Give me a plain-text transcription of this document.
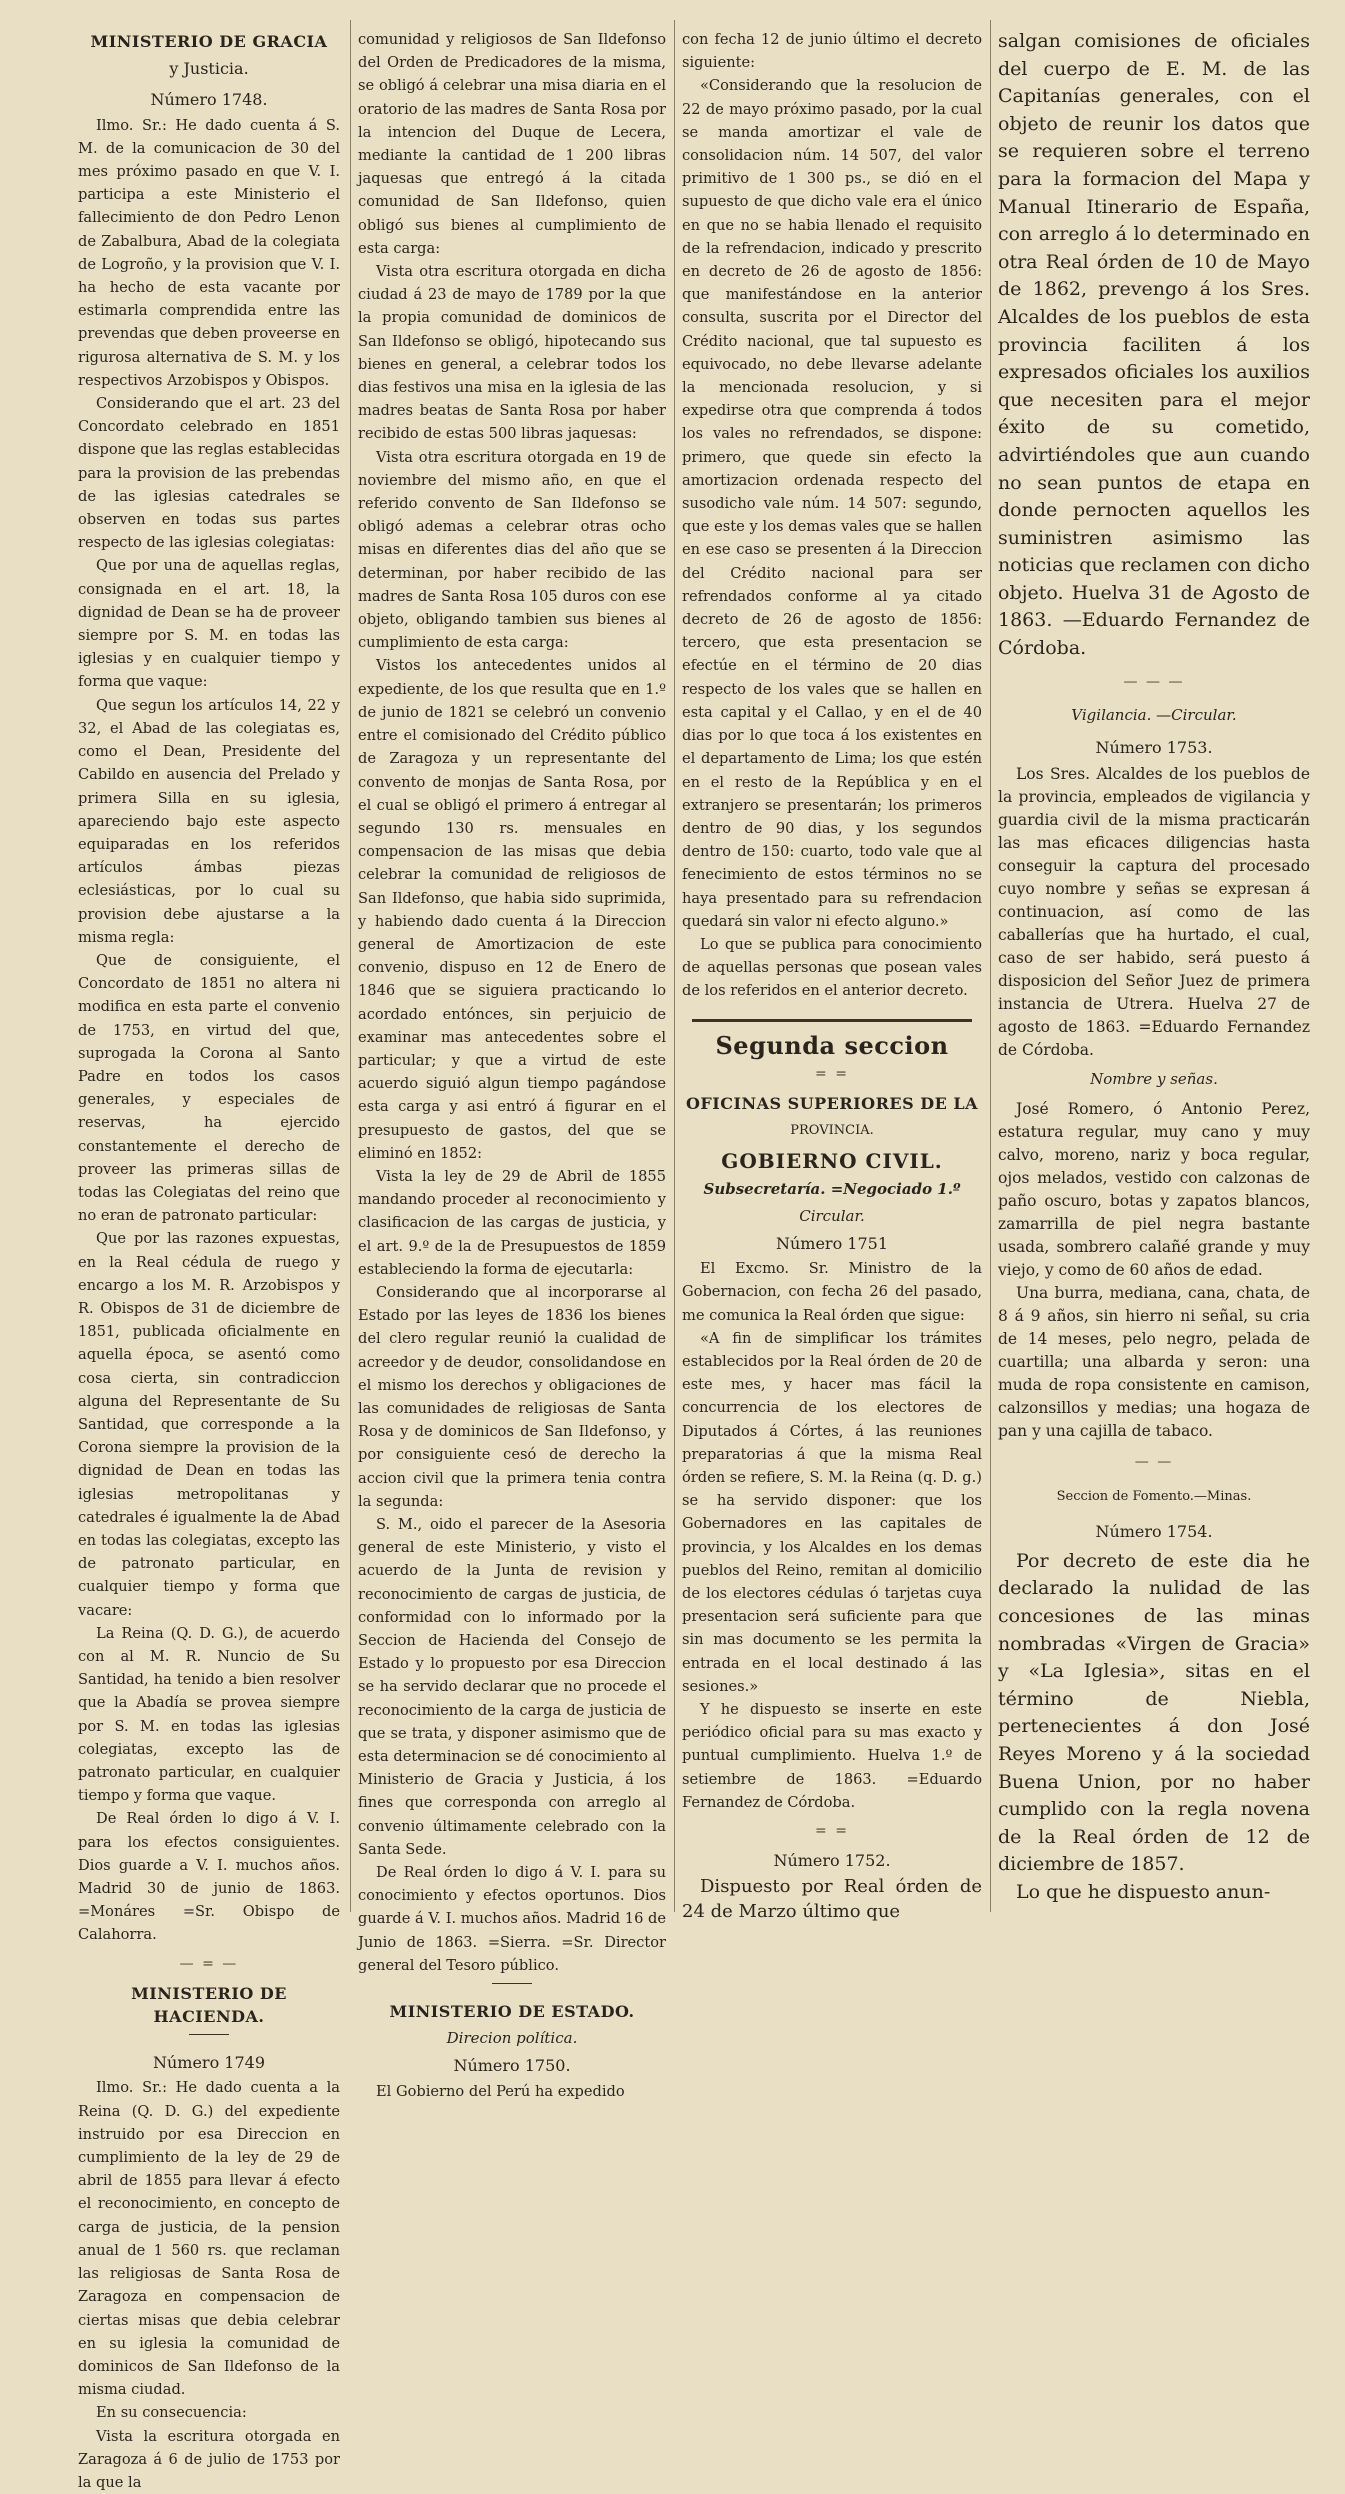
MINISTERIO DE GRACIA
y Justicia.
Número 1748.

Ilmo. Sr.: He dado cuenta á S. M. de la comunicacion de 30 del mes próximo pasado en que V. I. participa a este Ministerio el fallecimiento de don Pedro Lenon de Zabalbura, Abad de la colegiata de Logroño, y la provision que V. I. ha hecho de esta vacante por estimarla comprendida entre las prevendas que deben proveerse en rigurosa alternativa de S. M. y los respectivos Arzobispos y Obispos.

Considerando que el art. 23 del Concordato celebrado en 1851 dispone que las reglas establecidas para la provision de las prebendas de las iglesias catedrales se observen en todas sus partes respecto de las iglesias colegiatas:

Que por una de aquellas reglas, consignada en el art. 18, la dignidad de Dean se ha de proveer siempre por S. M. en todas las iglesias y en cualquier tiempo y forma que vaque:

Que segun los artículos 14, 22 y 32, el Abad de las colegiatas es, como el Dean, Presidente del Cabildo en ausencia del Prelado y primera Silla en su iglesia, apareciendo bajo este aspecto equiparadas en los referidos artículos ámbas piezas eclesiásticas, por lo cual su provision debe ajustarse a la misma regla:

Que de consiguiente, el Concordato de 1851 no altera ni modifica en esta parte el convenio de 1753, en virtud del que, suprogada la Corona al Santo Padre en todos los casos generales, y especiales de reservas, ha ejercido constantemente el derecho de proveer las primeras sillas de todas las Colegiatas del reino que no eran de patronato particular:

Que por las razones expuestas, en la Real cédula de ruego y encargo a los M. R. Arzobispos y R. Obispos de 31 de diciembre de 1851, publicada oficialmente en aquella época, se asentó como cosa cierta, sin contradiccion alguna del Representante de Su Santidad, que corresponde a la Corona siempre la provision de la dignidad de Dean en todas las iglesias metropolitanas y catedrales é igualmente la de Abad en todas las colegiatas, excepto las de patronato particular, en cualquier tiempo y forma que vacare:

La Reina (Q. D. G.), de acuerdo con al M. R. Nuncio de Su Santidad, ha tenido a bien resolver que la Abadía se provea siempre por S. M. en todas las iglesias colegiatas, excepto las de patronato particular, en cualquier tiempo y forma que vaque.

De Real órden lo digo á V. I. para los efectos consiguientes. Dios guarde a V. I. muchos años. Madrid 30 de junio de 1863. =Monáres =Sr. Obispo de Calahorra.

— = —
MINISTERIO DE HACIENDA.
Número 1749

Ilmo. Sr.: He dado cuenta a la Reina (Q. D. G.) del expediente instruido por esa Direccion en cumplimiento de la ley de 29 de abril de 1855 para llevar á efecto el reconocimiento, en concepto de carga de justicia, de la pension anual de 1 560 rs. que reclaman las religiosas de Santa Rosa de Zaragoza en compensacion de ciertas misas que debia celebrar en su iglesia la comunidad de dominicos de San Ildefonso de la misma ciudad.

En su consecuencia:

Vista la escritura otorgada en Zaragoza á 6 de julio de 1753 por la que la

comunidad y religiosos de San Ildefonso del Orden de Predicadores de la misma, se obligó á celebrar una misa diaria en el oratorio de las madres de Santa Rosa por la intencion del Duque de Lecera, mediante la cantidad de 1 200 libras jaquesas que entregó á la citada comunidad de San Ildefonso, quien obligó sus bienes al cumplimiento de esta carga:

Vista otra escritura otorgada en dicha ciudad á 23 de mayo de 1789 por la que la propia comunidad de dominicos de San Ildefonso se obligó, hipotecando sus bienes en general, a celebrar todos los dias festivos una misa en la iglesia de las madres beatas de Santa Rosa por haber recibido de estas 500 libras jaquesas:

Vista otra escritura otorgada en 19 de noviembre del mismo año, en que el referido convento de San Ildefonso se obligó ademas a celebrar otras ocho misas en diferentes dias del año que se determinan, por haber recibido de las madres de Santa Rosa 105 duros con ese objeto, obligando tambien sus bienes al cumplimiento de esta carga:

Vistos los antecedentes unidos al expediente, de los que resulta que en 1.º de junio de 1821 se celebró un convenio entre el comisionado del Crédito público de Zaragoza y un representante del convento de monjas de Santa Rosa, por el cual se obligó el primero á entregar al segundo 130 rs. mensuales en compensacion de las misas que debia celebrar la comunidad de religiosos de San Ildefonso, que habia sido suprimida, y habiendo dado cuenta á la Direccion general de Amortizacion de este convenio, dispuso en 12 de Enero de 1846 que se siguiera practicando lo acordado entónces, sin perjuicio de examinar mas antecedentes sobre el particular; y que a virtud de este acuerdo siguió algun tiempo pagándose esta carga y asi entró á figurar en el presupuesto de gastos, del que se eliminó en 1852:

Vista la ley de 29 de Abril de 1855 mandando proceder al reconocimiento y clasificacion de las cargas de justicia, y el art. 9.º de la de Presupuestos de 1859 estableciendo la forma de ejecutarla:

Considerando que al incorporarse al Estado por las leyes de 1836 los bienes del clero regular reunió la cualidad de acreedor y de deudor, consolidandose en el mismo los derechos y obligaciones de las comunidades de religiosas de Santa Rosa y de dominicos de San Ildefonso, y por consiguiente cesó de derecho la accion civil que la primera tenia contra la segunda:

S. M., oido el parecer de la Asesoria general de este Ministerio, y visto el acuerdo de la Junta de revision y reconocimiento de cargas de justicia, de conformidad con lo informado por la Seccion de Hacienda del Consejo de Estado y lo propuesto por esa Direccion se ha servido declarar que no procede el reconocimiento de la carga de justicia de que se trata, y disponer asimismo que de esta determinacion se dé conocimiento al Ministerio de Gracia y Justicia, á los fines que corresponda con arreglo al convenio últimamente celebrado con la Santa Sede.

De Real órden lo digo á V. I. para su conocimiento y efectos oportunos. Dios guarde á V. I. muchos años. Madrid 16 de Junio de 1863. =Sierra. =Sr. Director general del Tesoro público.

MINISTERIO DE ESTADO.
Direcion política.
Número 1750.

El Gobierno del Perú ha expedido

con fecha 12 de junio último el decreto siguiente:

«Considerando que la resolucion de 22 de mayo próximo pasado, por la cual se manda amortizar el vale de consolidacion núm. 14 507, del valor primitivo de 1 300 ps., se dió en el supuesto de que dicho vale era el único en que no se habia llenado el requisito de la refrendacion, indicado y prescrito en decreto de 26 de agosto de 1856: que manifestándose en la anterior consulta, suscrita por el Director del Crédito nacional, que tal supuesto es equivocado, no debe llevarse adelante la mencionada resolucion, y si expedirse otra que comprenda á todos los vales no refrendados, se dispone: primero, que quede sin efecto la amortizacion ordenada respecto del susodicho vale núm. 14 507: segundo, que este y los demas vales que se hallen en ese caso se presenten á la Direccion del Crédito nacional para ser refrendados conforme al ya citado decreto de 26 de agosto de 1856: tercero, que esta presentacion se efectúe en el término de 20 dias respecto de los vales que se hallen en esta capital y el Callao, y en el de 40 dias por lo que toca á los existentes en el departamento de Lima; los que estén en el resto de la República y en el extranjero se presentarán; los primeros dentro de 90 dias, y los segundos dentro de 150: cuarto, todo vale que al fenecimiento de estos términos no se haya presentado para su refrendacion quedará sin valor ni efecto alguno.»

Lo que se publica para conocimiento de aquellas personas que posean vales de los referidos en el anterior decreto.

Segunda seccion
= =
OFICINAS SUPERIORES DE LA
PROVINCIA.
GOBIERNO CIVIL.
Subsecretaría. =Negociado 1.º
Circular.
Número 1751

El Excmo. Sr. Ministro de la Gobernacion, con fecha 26 del pasado, me comunica la Real órden que sigue:

«A fin de simplificar los trámites establecidos por la Real órden de 20 de este mes, y hacer mas fácil la concurrencia de los electores de Diputados á Córtes, á las reuniones preparatorias á que la misma Real órden se refiere, S. M. la Reina (q. D. g.) se ha servido disponer: que los Gobernadores en las capitales de provincia, y los Alcaldes en los demas pueblos del Reino, remitan al domicilio de los electores cédulas ó tarjetas cuya presentacion será suficiente para que sin mas documento se les permita la entrada en el local destinado á las sesiones.»

Y he dispuesto se inserte en este periódico oficial para su mas exacto y puntual cumplimiento. Huelva 1.º de setiembre de 1863. =Eduardo Fernandez de Córdoba.

= =
Número 1752.

Dispuesto por Real órden de 24 de Marzo último que

salgan comisiones de oficiales del cuerpo de E. M. de las Capitanías generales, con el objeto de reunir los datos que se requieren sobre el terreno para la formacion del Mapa y Manual Itinerario de España, con arreglo á lo determinado en otra Real órden de 10 de Mayo de 1862, prevengo á los Sres. Alcaldes de los pueblos de esta provincia faciliten á los expresados oficiales los auxilios que necesiten para el mejor éxito de su cometido, advirtiéndoles que aun cuando no sean puntos de etapa en donde pernocten aquellos les suministren asimismo las noticias que reclamen con dicho objeto. Huelva 31 de Agosto de 1863. —Eduardo Fernandez de Córdoba.

— — —
Vigilancia. —Circular.
Número 1753.

Los Sres. Alcaldes de los pueblos de la provincia, empleados de vigilancia y guardia civil de la misma practicarán las mas eficaces diligencias hasta conseguir la captura del procesado cuyo nombre y señas se expresan á continuacion, así como de las caballerías que ha hurtado, el cual, caso de ser habido, será puesto á disposicion del Señor Juez de primera instancia de Utrera. Huelva 27 de agosto de 1863. =Eduardo Fernandez de Córdoba.

Nombre y señas.

José Romero, ó Antonio Perez, estatura regular, muy cano y muy calvo, moreno, nariz y boca regular, ojos melados, vestido con calzonas de paño oscuro, botas y zapatos blancos, zamarrilla de piel negra bastante usada, sombrero calañé grande y muy viejo, y como de 60 años de edad.

Una burra, mediana, cana, chata, de 8 á 9 años, sin hierro ni señal, su cria de 14 meses, pelo negro, pelada de cuartilla; una albarda y seron: una muda de ropa consistente en camison, calzonsillos y medias; una hogaza de pan y una cajilla de tabaco.

— —
Seccion de Fomento.—Minas.
Número 1754.

Por decreto de este dia he declarado la nulidad de las concesiones de las minas nombradas «Virgen de Gracia» y «La Iglesia», sitas en el término de Niebla, pertenecientes á don José Reyes Moreno y á la sociedad Buena Union, por no haber cumplido con la regla novena de la Real órden de 12 de diciembre de 1857.

Lo que he dispuesto anun-
